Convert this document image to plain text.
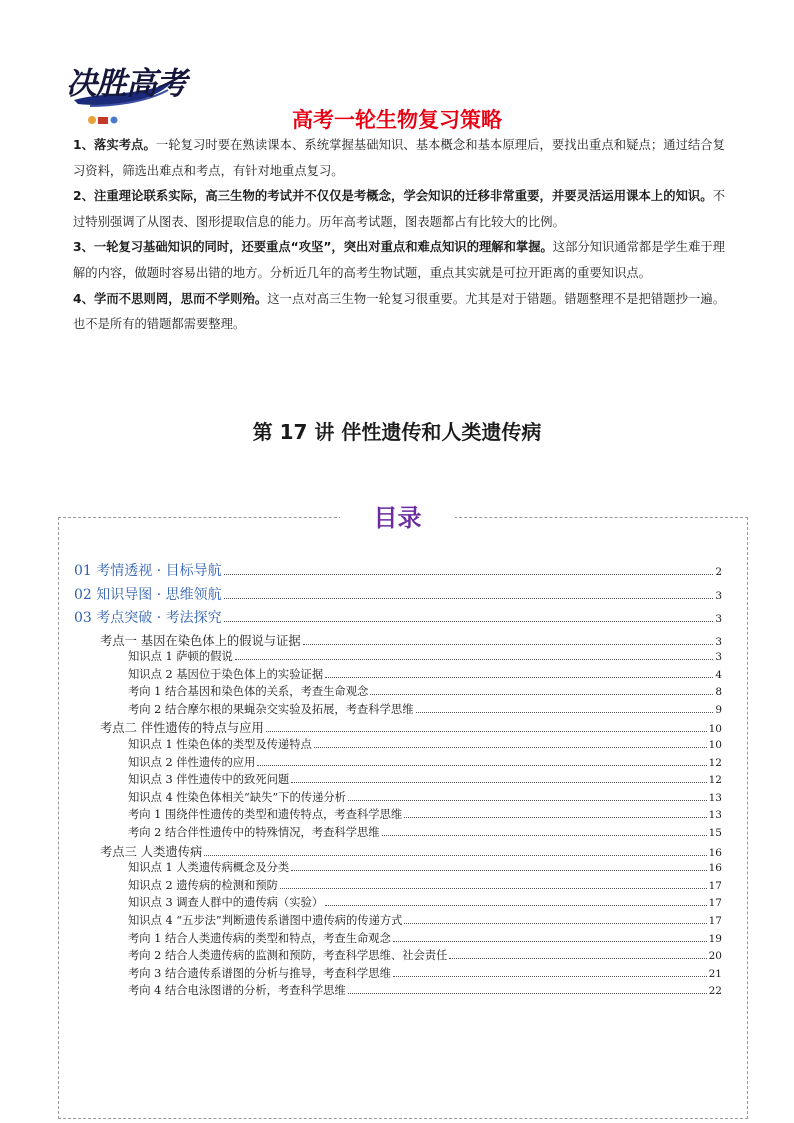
决胜高考
高考一轮生物复习策略

1、落实考点。一轮复习时要在熟读课本、系统掌握基础知识、基本概念和基本原理后，要找出重点和疑点；通过结合复习资料，筛选出难点和考点，有针对地重点复习。

2、注重理论联系实际，高三生物的考试并不仅仅是考概念，学会知识的迁移非常重要，并要灵活运用课本上的知识。不过特别强调了从图表、图形提取信息的能力。历年高考试题，图表题都占有比较大的比例。

3、一轮复习基础知识的同时，还要重点“攻坚”，突出对重点和难点知识的理解和掌握。这部分知识通常都是学生难于理解的内容，做题时容易出错的地方。分析近几年的高考生物试题，重点其实就是可拉开距离的重要知识点。

4、学而不思则罔，思而不学则殆。这一点对高三生物一轮复习很重要。尤其是对于错题。错题整理不是把错题抄一遍。也不是所有的错题都需要整理。

第 17 讲 伴性遗传和人类遗传病
目录
01 考情透视 · 目标导航	2
02 知识导图 · 思维领航	3
03 考点突破 · 考法探究	3
考点一 基因在染色体上的假说与证据	3
知识点 1 萨顿的假说	3
知识点 2 基因位于染色体上的实验证据	4
考向 1 结合基因和染色体的关系，考查生命观念	8
考向 2 结合摩尔根的果蝇杂交实验及拓展，考查科学思维	9
考点二 伴性遗传的特点与应用	10
知识点 1 性染色体的类型及传递特点	10
知识点 2 伴性遗传的应用	12
知识点 3 伴性遗传中的致死问题	12
知识点 4 性染色体相关“缺失”下的传递分析	13
考向 1 围绕伴性遗传的类型和遗传特点，考查科学思维	13
考向 2 结合伴性遗传中的特殊情况，考查科学思维	15
考点三 人类遗传病	16
知识点 1 人类遗传病概念及分类	16
知识点 2 遗传病的检测和预防	17
知识点 3 调查人群中的遗传病（实验）	17
知识点 4 “五步法”判断遗传系谱图中遗传病的传递方式	17
考向 1 结合人类遗传病的类型和特点，考查生命观念	19
考向 2 结合人类遗传病的监测和预防，考查科学思维、社会责任	20
考向 3 结合遗传系谱图的分析与推导，考查科学思维	21
考向 4 结合电泳图谱的分析，考查科学思维	22
